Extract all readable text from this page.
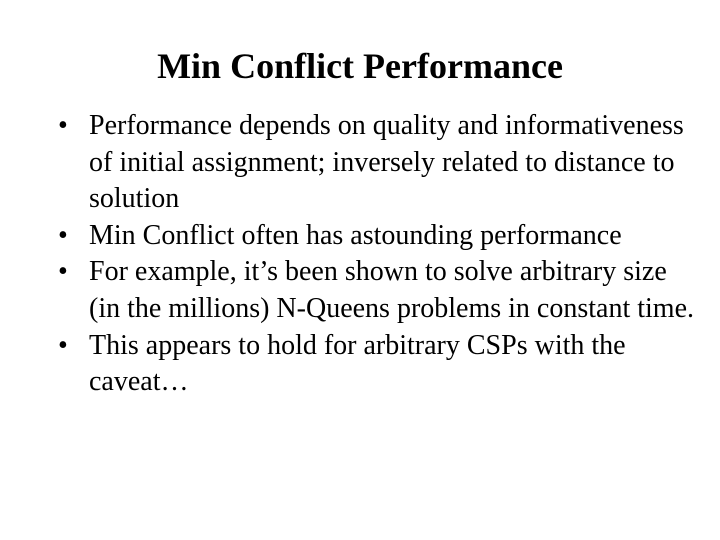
Min Conflict Performance
• Performance depends on quality and informativeness of initial assignment; inversely related to distance to solution
• Min Conflict often has astounding performance
• For example, it’s been shown to solve arbitrary size (in the millions) N-Queens problems in constant time.
• This appears to hold for arbitrary CSPs with the caveat…
